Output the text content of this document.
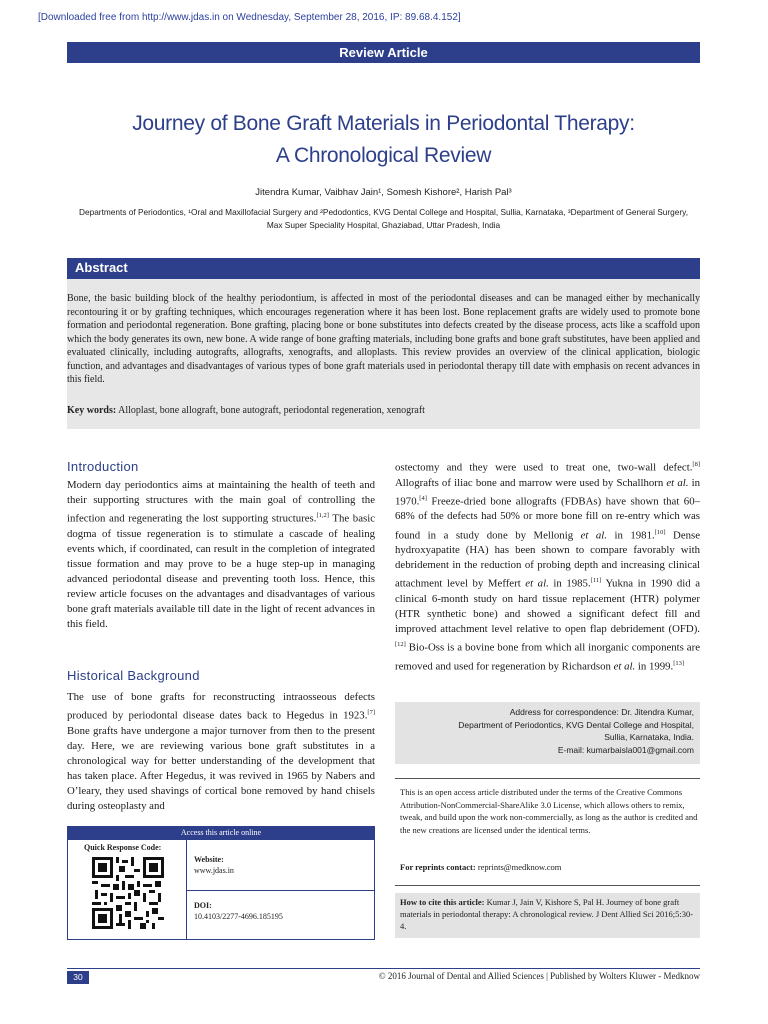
[Downloaded free from http://www.jdas.in on Wednesday, September 28, 2016, IP: 89.68.4.152]
Review Article
Journey of Bone Graft Materials in Periodontal Therapy:
A Chronological Review
Jitendra Kumar, Vaibhav Jain¹, Somesh Kishore², Harish Pal³
Departments of Periodontics, ¹Oral and Maxillofacial Surgery and ²Pedodontics, KVG Dental College and Hospital, Sullia, Karnataka, ³Department of General Surgery,
Max Super Speciality Hospital, Ghaziabad, Uttar Pradesh, India
Abstract
Bone, the basic building block of the healthy periodontium, is affected in most of the periodontal diseases and can be managed either by mechanically recontouring it or by grafting techniques, which encourages regeneration where it has been lost. Bone replacement grafts are widely used to promote bone formation and periodontal regeneration. Bone grafting, placing bone or bone substitutes into defects created by the disease process, acts like a scaffold upon which the body generates its own, new bone. A wide range of bone grafting materials, including bone grafts and bone graft substitutes, have been applied and evaluated clinically, including autografts, allografts, xenografts, and alloplasts. This review provides an overview of the clinical application, biologic function, and advantages and disadvantages of various types of bone graft materials used in periodontal therapy till date with emphasis on recent advances in this field.
Key words: Alloplast, bone allograft, bone autograft, periodontal regeneration, xenograft
Introduction
Modern day periodontics aims at maintaining the health of teeth and their supporting structures with the main goal of controlling the infection and regenerating the lost supporting structures.[1,2] The basic dogma of tissue regeneration is to stimulate a cascade of healing events which, if coordinated, can result in the completion of integrated tissue formation and may prove to be a huge step-up in managing advanced periodontal disease and preventing tooth loss. Hence, this review article focuses on the advantages and disadvantages of various bone graft materials available till date in the light of recent advances in this field.
Historical Background
The use of bone grafts for reconstructing intraosseous defects produced by periodontal disease dates back to Hegedus in 1923.[7] Bone grafts have undergone a major turnover from then to the present day. Here, we are reviewing various bone graft substitutes in a chronological way for better understanding of the development that has taken place. After Hegedus, it was revived in 1965 by Nabers and O’leary, they used shavings of cortical bone removed by hand chisels during osteoplasty and
Access this article online
Quick Response Code:
Website:
www.jdas.in
DOI:
10.4103/2277-4696.185195
ostectomy and they were used to treat one, two-wall defect.[8] Allografts of iliac bone and marrow were used by Schallhorn et al. in 1970.[4] Freeze-dried bone allografts (FDBAs) have shown that 60–68% of the defects had 50% or more bone fill on re-entry which was found in a study done by Mellonig et al. in 1981.[10] Dense hydroxyapatite (HA) has been shown to compare favorably with debridement in the reduction of probing depth and increasing clinical attachment level by Meffert et al. in 1985.[11] Yukna in 1990 did a clinical 6-month study on hard tissue replacement (HTR) polymer (HTR synthetic bone) and showed a significant defect fill and improved attachment level relative to open flap debridement (OFD).[12] Bio-Oss is a bovine bone from which all inorganic components are removed and used for regeneration by Richardson et al. in 1999.[13]
Address for correspondence: Dr. Jitendra Kumar,
Department of Periodontics, KVG Dental College and Hospital,
Sullia, Karnataka, India.
E-mail: kumarbaisla001@gmail.com
This is an open access article distributed under the terms of the Creative Commons Attribution-NonCommercial-ShareAlike 3.0 License, which allows others to remix, tweak, and build upon the work non-commercially, as long as the author is credited and the new creations are licensed under the identical terms.
For reprints contact: reprints@medknow.com
How to cite this article: Kumar J, Jain V, Kishore S, Pal H. Journey of bone graft materials in periodontal therapy: A chronological review. J Dent Allied Sci 2016;5:30-4.
30	© 2016 Journal of Dental and Allied Sciences | Published by Wolters Kluwer - Medknow
